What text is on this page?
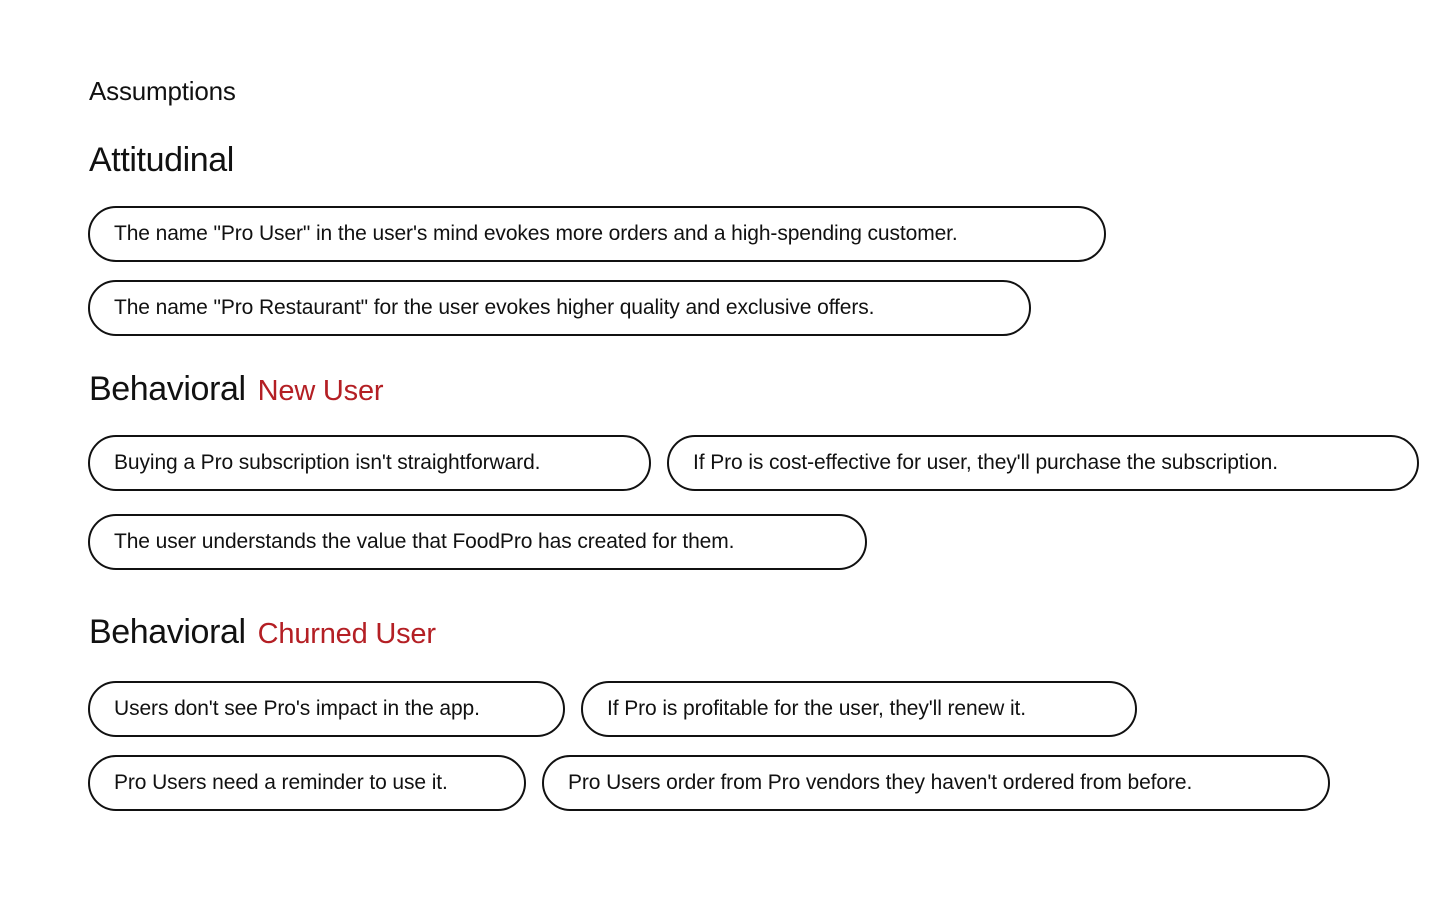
Assumptions
Attitudinal
The name "Pro User" in the user's mind evokes more orders and a high-spending customer.
The name "Pro Restaurant" for the user evokes higher quality and exclusive offers.
Behavioral New User
Buying a Pro subscription isn't straightforward.	If Pro is cost-effective for user, they'll purchase the subscription.
The user understands the value that FoodPro has created for them.
Behavioral Churned User
Users don't see Pro's impact in the app.	If Pro is profitable for the user, they'll renew it.
Pro Users need a reminder to use it.	Pro Users order from Pro vendors they haven't ordered from before.
